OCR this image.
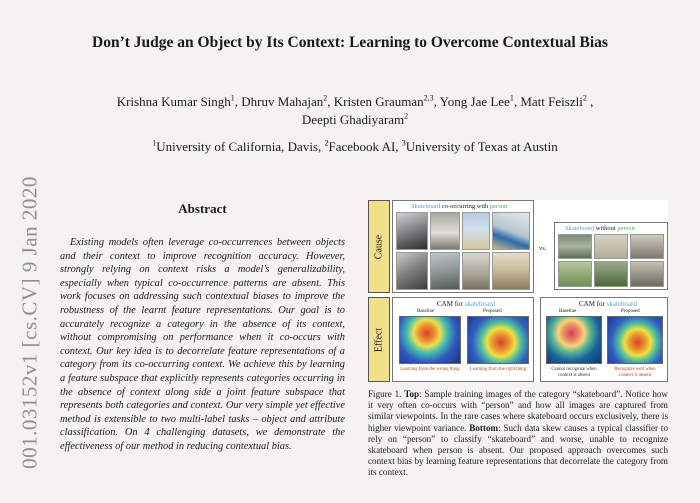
001.03152v1 [cs.CV] 9 Jan 2020
Don’t Judge an Object by Its Context: Learning to Overcome Contextual Bias
Krishna Kumar Singh$^1$, Dhruv Mahajan$^2$, Kristen Grauman$^{2,3}$, Yong Jae Lee$^1$, Matt Feiszli$^2$ ,
Deepti Ghadiyaram$^2$
$^1$University of California, Davis, $^2$Facebook AI, $^3$University of Texas at Austin
Abstract

Existing models often leverage co-occurrences between objects and their context to improve recognition accuracy. However, strongly relying on context risks a model’s generalizability, especially when typical co-occurrence patterns are absent. This work focuses on addressing such contextual biases to improve the robustness of the learnt feature representations. Our goal is to accurately recognize a category in the absence of its context, without compromising on performance when it co-occurs with context. Our key idea is to decorrelate feature representations of a category from its co-occurring context. We achieve this by learning a feature subspace that explicitly represents categories occurring in the absence of context along side a joint feature subspace that represents both categories and context. Our very simple yet effective method is extensible to two multi-label tasks – object and attribute classification. On 4 challenging datasets, we demonstrate the effectiveness of our method in reducing contextual bias.

Cause
Skateboard co-occurring with person
vs.
Skateboard without person
Effect
CAM for skateboard
Baseline	Proposed
Learning from the wrong thing	Learning from the right thing
CAM for skateboard
Baseline	Proposed
Cannot recognize when context is absent
Recognize well when context is absent
Figure 1. Top: Sample training images of the category “skateboard”. Notice how it very often co-occurs with “person” and how all images are captured from similar viewpoints. In the rare cases where skateboard occurs exclusively, there is higher viewpoint variance. Bottom: Such data skew causes a typical classifier to rely on “person” to classify “skateboard” and worse, unable to recognize skateboard when person is absent. Our proposed approach overcomes such context bias by learning feature representations that decorrelate the category from its context.
